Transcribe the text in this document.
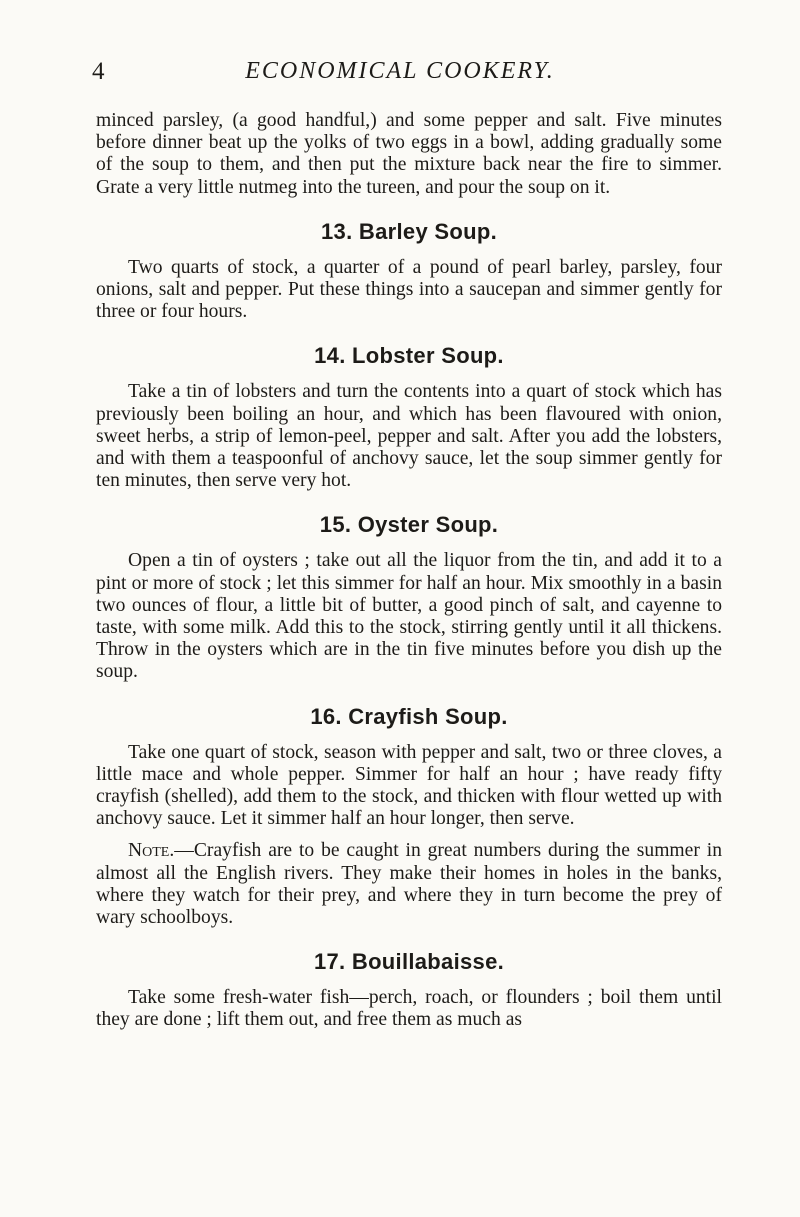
ECONOMICAL COOKERY.
4

minced parsley, (a good handful,) and some pepper and salt. Five minutes before dinner beat up the yolks of two eggs in a bowl, adding gradually some of the soup to them, and then put the mixture back near the fire to simmer. Grate a very little nutmeg into the tureen, and pour the soup on it.

13. Barley Soup.

Two quarts of stock, a quarter of a pound of pearl barley, parsley, four onions, salt and pepper. Put these things into a saucepan and simmer gently for three or four hours.

14. Lobster Soup.

Take a tin of lobsters and turn the contents into a quart of stock which has previously been boiling an hour, and which has been flavoured with onion, sweet herbs, a strip of lemon-peel, pepper and salt. After you add the lobsters, and with them a teaspoonful of anchovy sauce, let the soup simmer gently for ten minutes, then serve very hot.

15. Oyster Soup.

Open a tin of oysters ; take out all the liquor from the tin, and add it to a pint or more of stock ; let this simmer for half an hour. Mix smoothly in a basin two ounces of flour, a little bit of butter, a good pinch of salt, and cayenne to taste, with some milk. Add this to the stock, stirring gently until it all thickens. Throw in the oysters which are in the tin five minutes before you dish up the soup.

16. Crayfish Soup.

Take one quart of stock, season with pepper and salt, two or three cloves, a little mace and whole pepper. Simmer for half an hour ; have ready fifty crayfish (shelled), add them to the stock, and thicken with flour wetted up with anchovy sauce. Let it simmer half an hour longer, then serve.

Note.—Crayfish are to be caught in great numbers during the summer in almost all the English rivers. They make their homes in holes in the banks, where they watch for their prey, and where they in turn become the prey of wary schoolboys.

17. Bouillabaisse.

Take some fresh-water fish—perch, roach, or flounders ; boil them until they are done ; lift them out, and free them as much as
